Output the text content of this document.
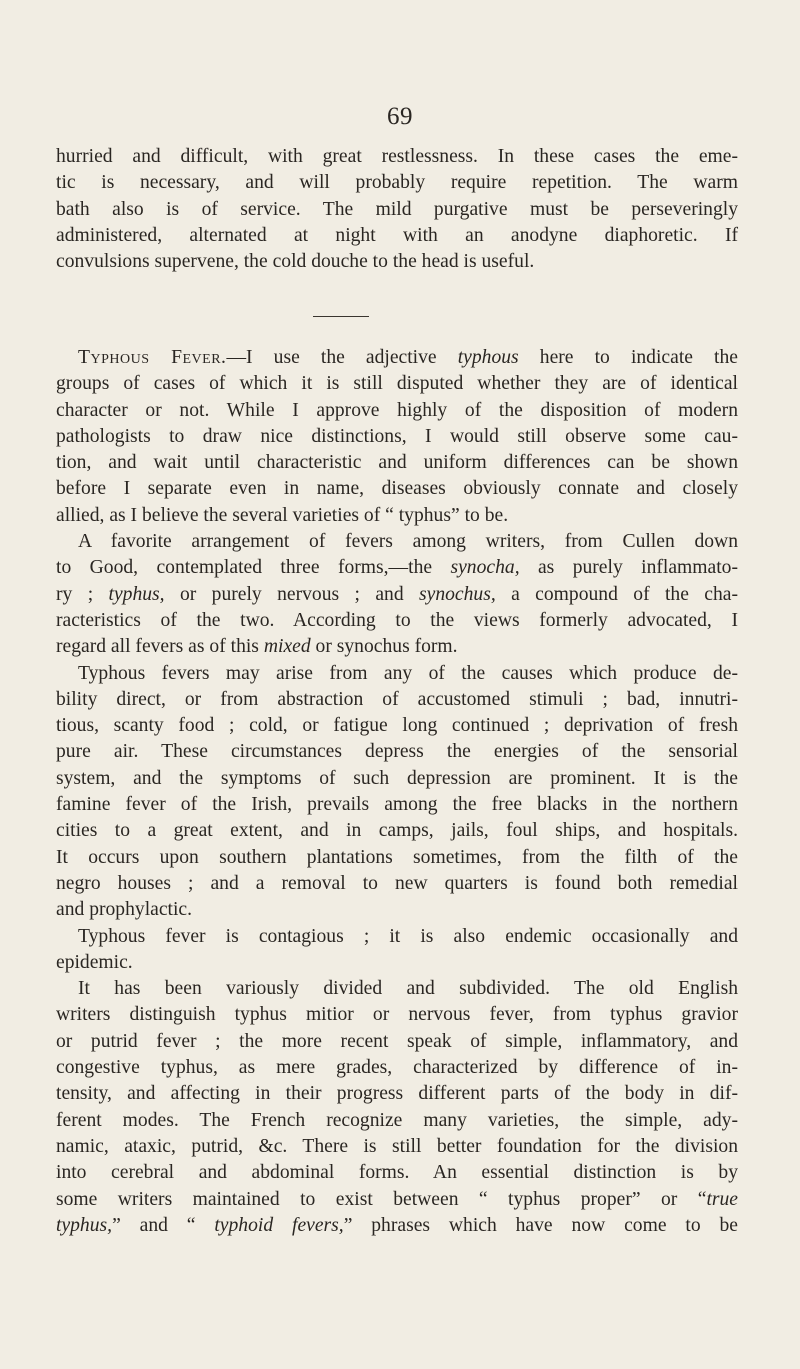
69
hurried and difficult, with great restlessness. In these cases the eme-
tic is necessary, and will probably require repetition. The warm
bath also is of service. The mild purgative must be perseveringly
administered, alternated at night with an anodyne diaphoretic. If
convulsions supervene, the cold douche to the head is useful.
Typhous Fever.—I use the adjective typhous here to indicate the
groups of cases of which it is still disputed whether they are of identical
character or not. While I approve highly of the disposition of modern
pathologists to draw nice distinctions, I would still observe some cau-
tion, and wait until characteristic and uniform differences can be shown
before I separate even in name, diseases obviously connate and closely
allied, as I believe the several varieties of “ typhus” to be.
A favorite arrangement of fevers among writers, from Cullen down
to Good, contemplated three forms,—the synocha, as purely inflammato-
ry ; typhus, or purely nervous ; and synochus, a compound of the cha-
racteristics of the two. According to the views formerly advocated, I
regard all fevers as of this mixed or synochus form.
Typhous fevers may arise from any of the causes which produce de-
bility direct, or from abstraction of accustomed stimuli ; bad, innutri-
tious, scanty food ; cold, or fatigue long continued ; deprivation of fresh
pure air. These circumstances depress the energies of the sensorial
system, and the symptoms of such depression are prominent. It is the
famine fever of the Irish, prevails among the free blacks in the northern
cities to a great extent, and in camps, jails, foul ships, and hospitals.
It occurs upon southern plantations sometimes, from the filth of the
negro houses ; and a removal to new quarters is found both remedial
and prophylactic.
Typhous fever is contagious ; it is also endemic occasionally and
epidemic.
It has been variously divided and subdivided. The old English
writers distinguish typhus mitior or nervous fever, from typhus gravior
or putrid fever ; the more recent speak of simple, inflammatory, and
congestive typhus, as mere grades, characterized by difference of in-
tensity, and affecting in their progress different parts of the body in dif-
ferent modes. The French recognize many varieties, the simple, ady-
namic, ataxic, putrid, &c. There is still better foundation for the division
into cerebral and abdominal forms. An essential distinction is by
some writers maintained to exist between “ typhus proper” or “true
typhus,” and “ typhoid fevers,” phrases which have now come to be
